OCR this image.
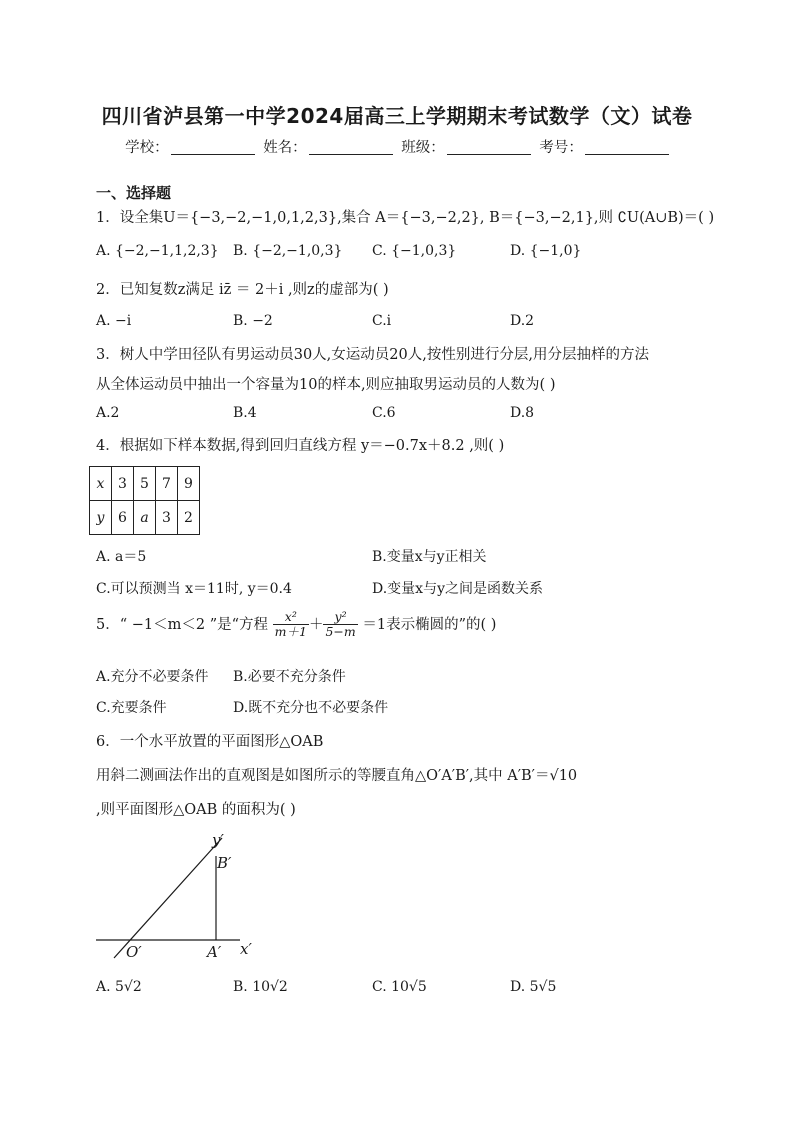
四川省泸县第一中学2024届高三上学期期末考试数学（文）试卷
学校：	姓名：	班级：	考号：
一、选择题
1．设全集U＝{−3,−2,−1,0,1,2,3},集合 A＝{−3,−2,2}, B＝{−3,−2,1},则 ∁U(A∪B)＝( )
A. {−2,−1,1,2,3} B. {−2,−1,0,3} C. {−1,0,3}	D. {−1,0}
2．已知复数z满足 iz̄ ＝ 2＋i ,则z的虚部为( )
A. −i	B. −2	C.i	D.2
3．树人中学田径队有男运动员30人,女运动员20人,按性别进行分层,用分层抽样的方法
从全体运动员中抽出一个容量为10的样本,则应抽取男运动员的人数为( )
A.2	B.4	C.6	D.8
4．根据如下样本数据,得到回归直线方程 y＝−0.7x＋8.2 ,则( )
x	3	5	7	9
y	6	a	3	2
A. a＝5	B.变量x与y正相关
C.可以预测当 x＝11时, y＝0.4	D.变量x与y之间是函数关系
5．“ −1＜m＜2 ”是“方程 $\frac{\text{x²}}{m+1} + \frac{\text{y²}}{5-m} =1$表示椭圆的”的( )
A.充分不必要条件 B.必要不充分条件
C.充要条件	D.既不充分也不必要条件
6．一个水平放置的平面图形△OAB
用斜二测画法作出的直观图是如图所示的等腰直角△O′A′B′,其中 A′B′＝√10
,则平面图形△OAB 的面积为( )
y′
B′
O′	A′ x′
A. 5√2	B. 10√2	C. 10√5	D. 5√5
